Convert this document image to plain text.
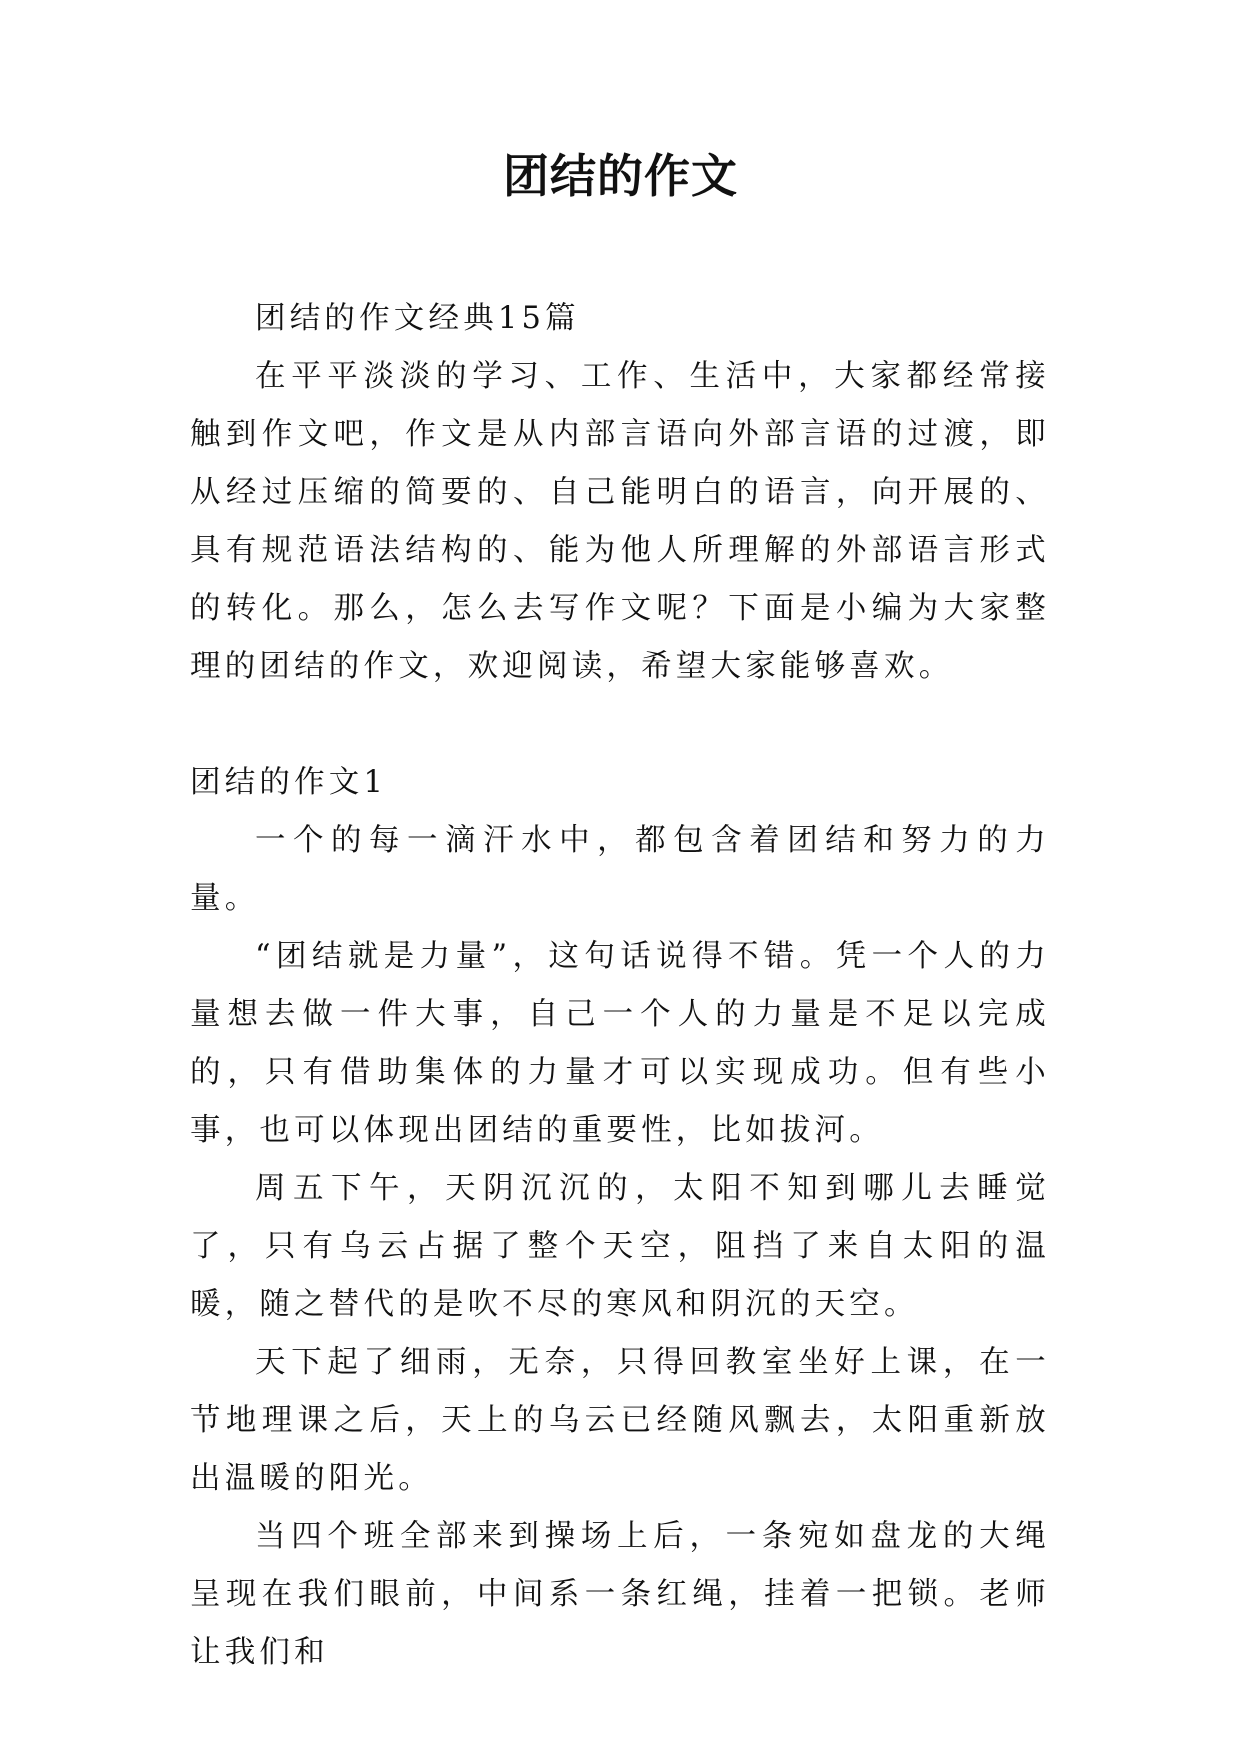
团结的作文

团结的作文经典15篇

在平平淡淡的学习、工作、生活中，大家都经常接触到作文吧，作文是从内部言语向外部言语的过渡，即从经过压缩的简要的、自己能明白的语言，向开展的、具有规范语法结构的、能为他人所理解的外部语言形式的转化。那么，怎么去写作文呢？下面是小编为大家整理的团结的作文，欢迎阅读，希望大家能够喜欢。

团结的作文1

一个的每一滴汗水中，都包含着团结和努力的力量。

“团结就是力量”，这句话说得不错。凭一个人的力量想去做一件大事，自己一个人的力量是不足以完成的，只有借助集体的力量才可以实现成功。但有些小事，也可以体现出团结的重要性，比如拔河。

周五下午，天阴沉沉的，太阳不知到哪儿去睡觉了，只有乌云占据了整个天空，阻挡了来自太阳的温暖，随之替代的是吹不尽的寒风和阴沉的天空。

天下起了细雨，无奈，只得回教室坐好上课，在一节地理课之后，天上的乌云已经随风飘去，太阳重新放出温暖的阳光。

当四个班全部来到操场上后，一条宛如盘龙的大绳呈现在我们眼前，中间系一条红绳，挂着一把锁。老师让我们和
